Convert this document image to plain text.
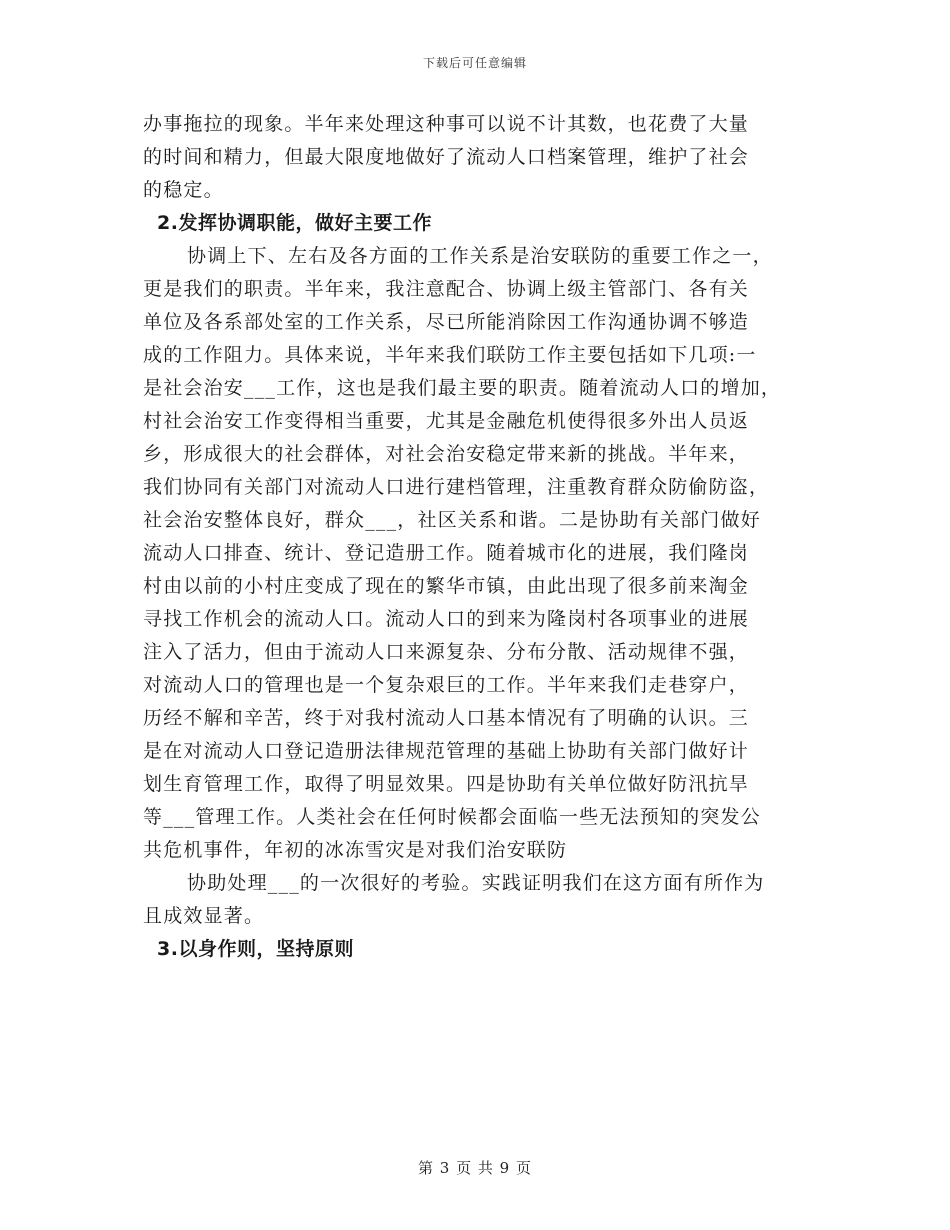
下载后可任意编辑
办事拖拉的现象。半年来处理这种事可以说不计其数，也花费了大量
的时间和精力，但最大限度地做好了流动人口档案管理，维护了社会
的稳定。
2.发挥协调职能，做好主要工作
协调上下、左右及各方面的工作关系是治安联防的重要工作之一，
更是我们的职责。半年来，我注意配合、协调上级主管部门、各有关
单位及各系部处室的工作关系，尽已所能消除因工作沟通协调不够造
成的工作阻力。具体来说，半年来我们联防工作主要包括如下几项:一
是社会治安___工作，这也是我们最主要的职责。随着流动人口的增加，
村社会治安工作变得相当重要，尤其是金融危机使得很多外出人员返
乡，形成很大的社会群体，对社会治安稳定带来新的挑战。半年来，
我们协同有关部门对流动人口进行建档管理，注重教育群众防偷防盗，
社会治安整体良好，群众___，社区关系和谐。二是协助有关部门做好
流动人口排查、统计、登记造册工作。随着城市化的进展，我们隆岗
村由以前的小村庄变成了现在的繁华市镇，由此出现了很多前来淘金
寻找工作机会的流动人口。流动人口的到来为隆岗村各项事业的进展
注入了活力，但由于流动人口来源复杂、分布分散、活动规律不强，
对流动人口的管理也是一个复杂艰巨的工作。半年来我们走巷穿户，
历经不解和辛苦，终于对我村流动人口基本情况有了明确的认识。三
是在对流动人口登记造册法律规范管理的基础上协助有关部门做好计
划生育管理工作，取得了明显效果。四是协助有关单位做好防汛抗旱
等___管理工作。人类社会在任何时候都会面临一些无法预知的突发公
共危机事件，年初的冰冻雪灾是对我们治安联防
协助处理___的一次很好的考验。实践证明我们在这方面有所作为
且成效显著。
3.以身作则，坚持原则
第 3 页 共 9 页
